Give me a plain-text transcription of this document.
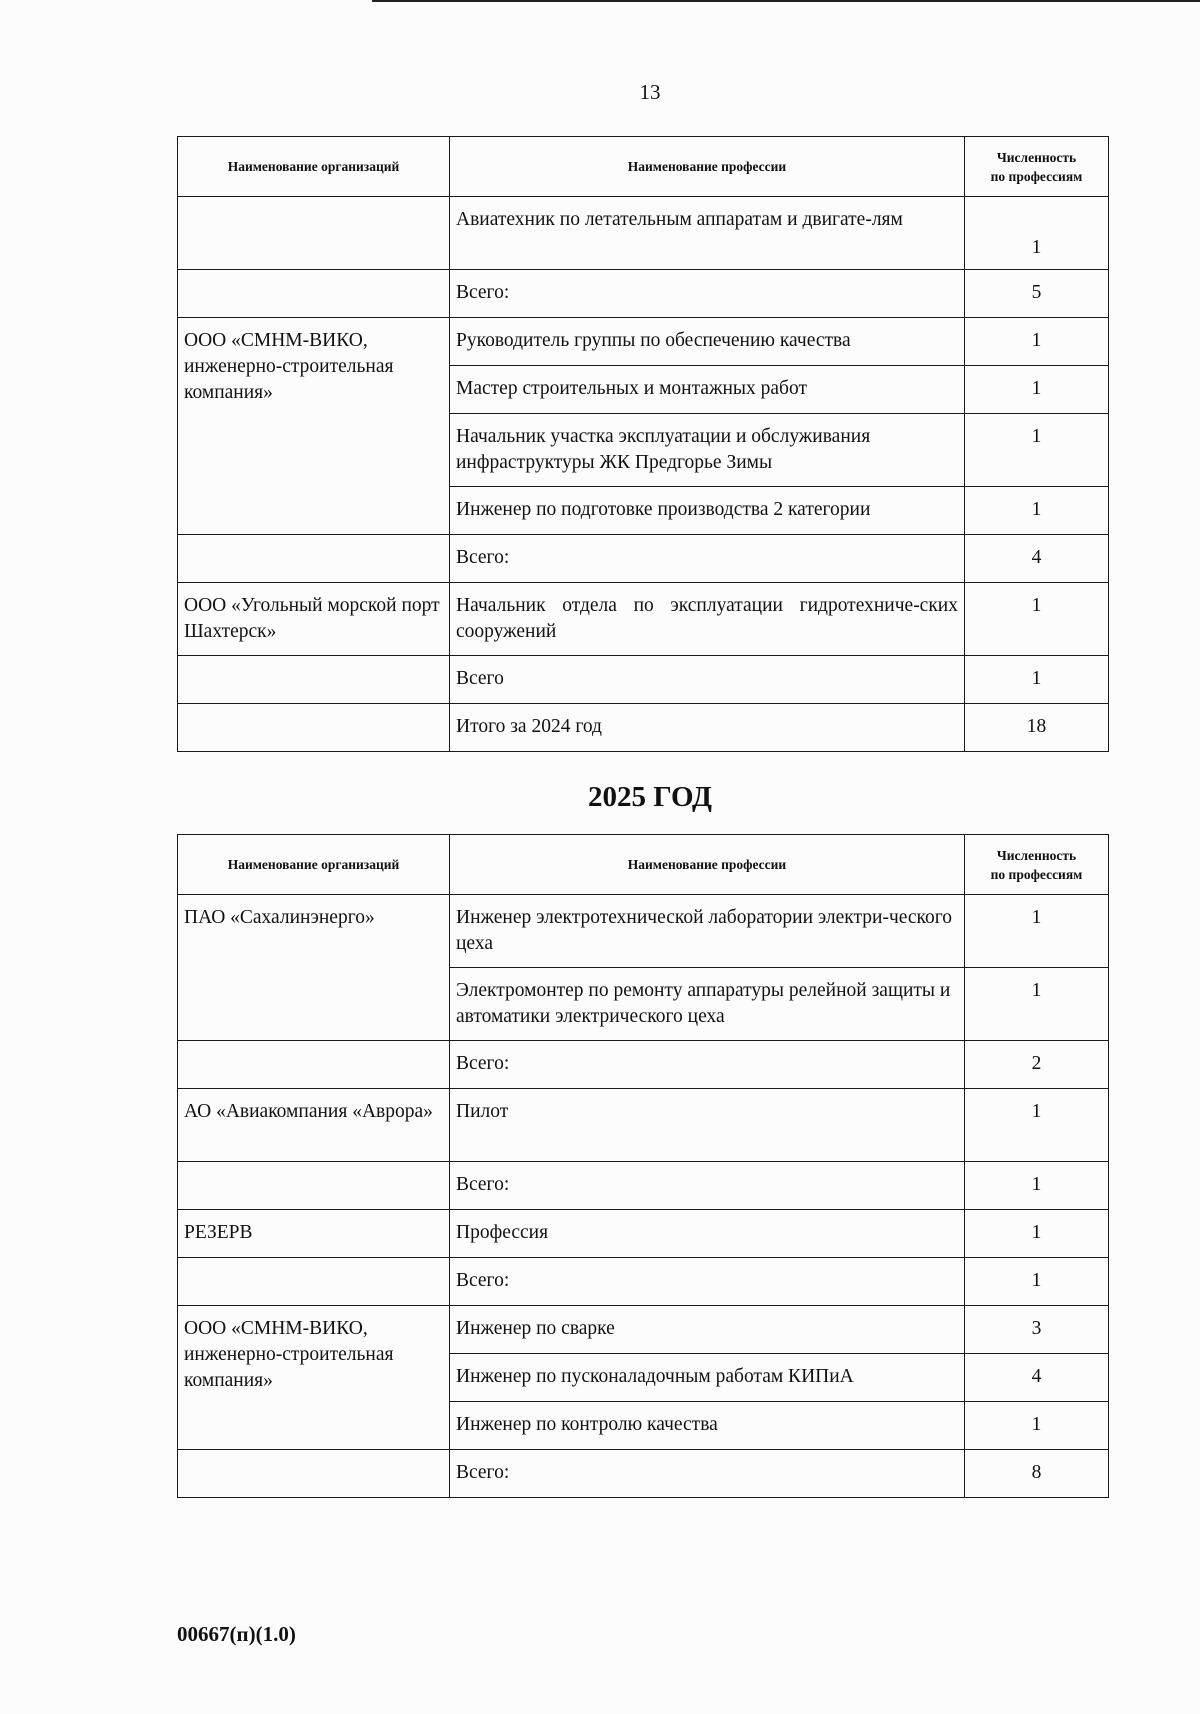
13
Наименование организаций	Наименование профессии	Численность
по профессиям
	Авиатехник по летательным аппаратам и двигате-лям	1
	Всего:	5
ООО «СМНМ-ВИКО, инженерно-строительная компания»	Руководитель группы по обеспечению качества	1
	Мастер строительных и монтажных работ	1
	Начальник участка эксплуатации и обслуживания инфраструктуры ЖК Предгорье Зимы	1
	Инженер по подготовке производства 2 категории	1
	Всего:	4
ООО «Угольный морской порт Шахтерск»	Начальник отдела по эксплуатации гидротехниче-ских сооружений	1
	Всего	1
	Итого за 2024 год	18
2025 ГОД
Наименование организаций	Наименование профессии	Численность
по профессиям
ПАО «Сахалинэнерго»	Инженер электротехнической лаборатории электри-ческого цеха	1
	Электромонтер по ремонту аппаратуры релейной защиты и автоматики электрического цеха	1
	Всего:	2
АО «Авиакомпания «Аврора»	Пилот	1
	Всего:	1
РЕЗЕРВ	Профессия	1
	Всего:	1
ООО «СМНМ-ВИКО, инженерно-строительная компания»	Инженер по сварке	3
	Инженер по пусконаладочным работам КИПиА	4
	Инженер по контролю качества	1
	Всего:	8
00667(п)(1.0)
